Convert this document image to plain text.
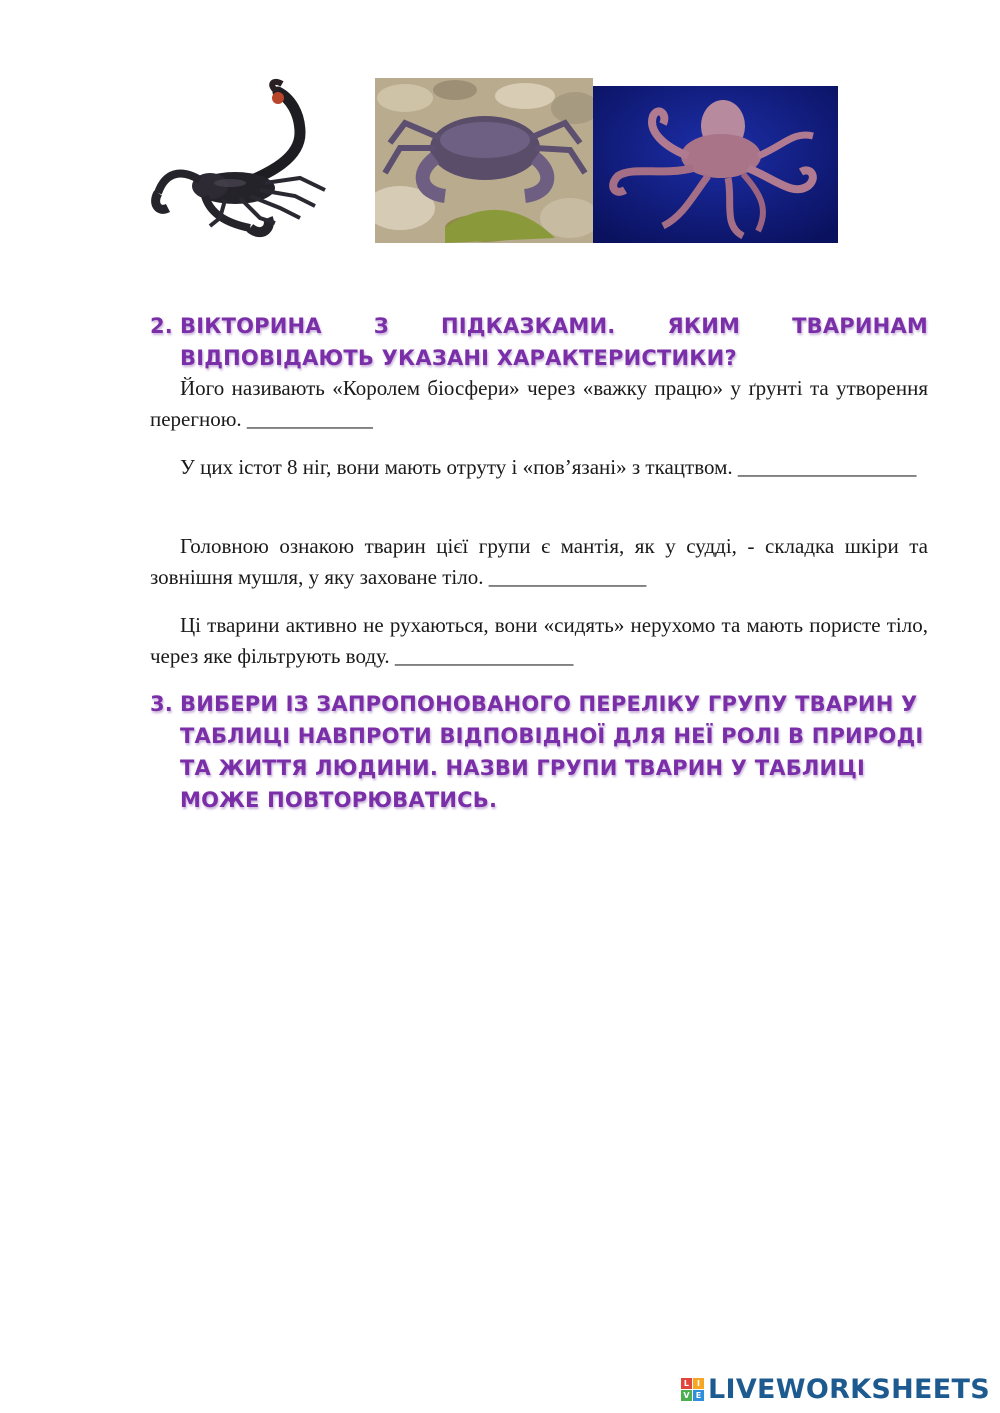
2. ВІКТОРИНА З ПІДКАЗКАМИ. ЯКИМ ТВАРИНАМ
ВІДПОВІДАЮТЬ УКАЗАНІ ХАРАКТЕРИСТИКИ?

Його називають «Королем біосфери» через «важку працю» у ґрунті та утворення перегною. ____________

У цих істот 8 ніг, вони мають отруту і «пов’язані» з ткацтвом. _________________

Головною ознакою тварин цієї групи є мантія, як у судді, - складка шкіри та зовнішня мушля, у яку заховане тіло. _______________

Ці тварини активно не рухаються, вони «сидять» нерухомо та мають пористе тіло, через яке фільтрують воду. _________________

3. ВИБЕРИ ІЗ ЗАПРОПОНОВАНОГО ПЕРЕЛІКУ ГРУПУ ТВАРИН У ТАБЛИЦІ НАВПРОТИ ВІДПОВІДНОЇ ДЛЯ НЕЇ РОЛІ В ПРИРОДІ ТА ЖИТТЯ ЛЮДИНИ. НАЗВИ ГРУПИ ТВАРИН У ТАБЛИЦІ МОЖЕ ПОВТОРЮВАТИСЬ.
L I
V E LIVEWORKSHEETS
